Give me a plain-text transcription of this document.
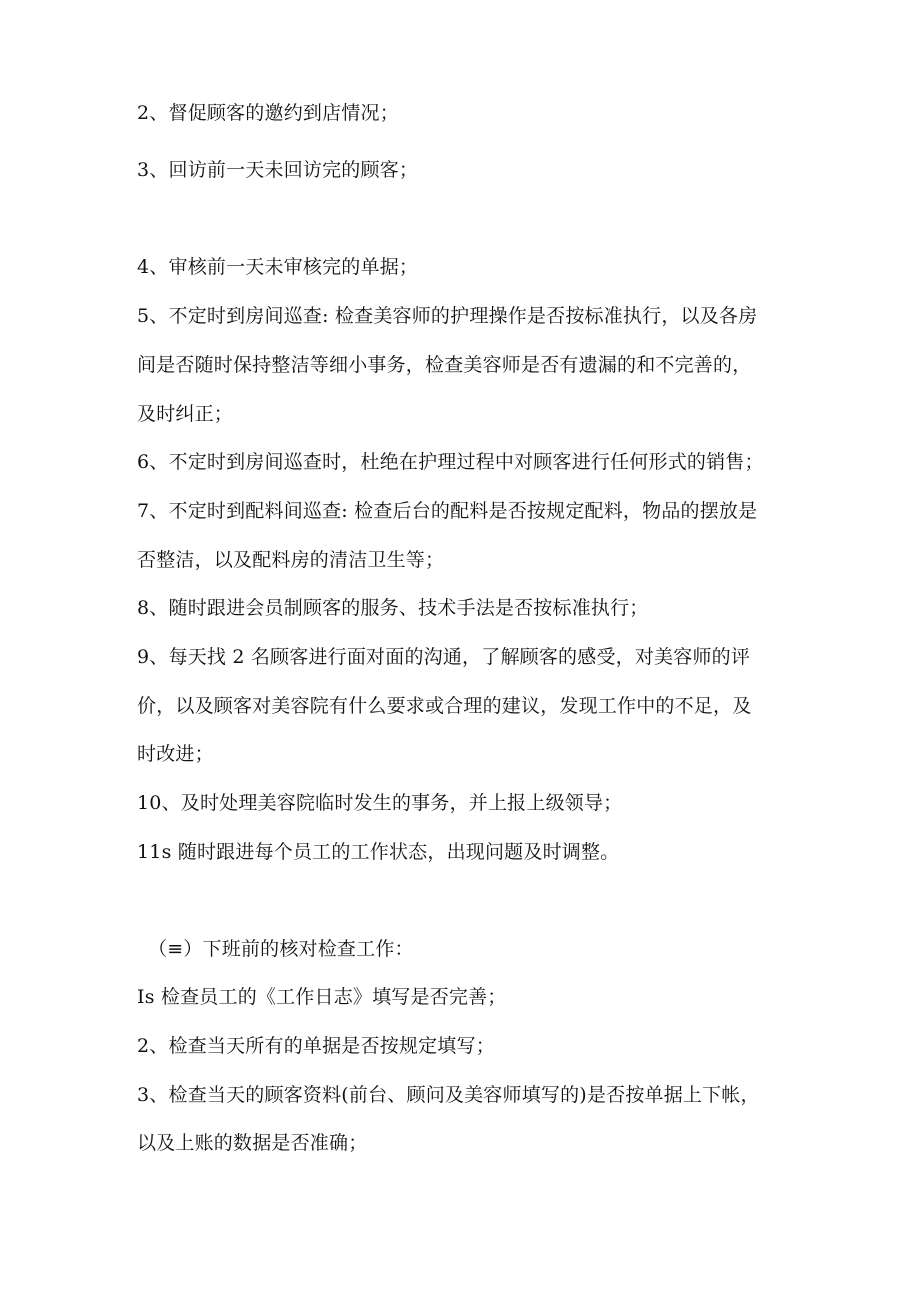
2、督促顾客的邀约到店情况；
3、回访前一天未回访完的顾客；
4、审核前一天未审核完的单据；
5、不定时到房间巡查: 检查美容师的护理操作是否按标准执行，以及各房
间是否随时保持整洁等细小事务，检查美容师是否有遗漏的和不完善的，
及时纠正；
6、不定时到房间巡查时，杜绝在护理过程中对顾客进行任何形式的销售；
7、不定时到配料间巡查: 检查后台的配料是否按规定配料，物品的摆放是
否整洁，以及配料房的清洁卫生等；
8、随时跟进会员制顾客的服务、技术手法是否按标准执行；
9、每天找 2 名顾客进行面对面的沟通，了解顾客的感受，对美容师的评
价，以及顾客对美容院有什么要求或合理的建议，发现工作中的不足，及
时改进；
10、及时处理美容院临时发生的事务，并上报上级领导；
11s 随时跟进每个员工的工作状态，出现问题及时调整。
（≡）下班前的核对检查工作：
Is 检查员工的《工作日志》填写是否完善；
2、检查当天所有的单据是否按规定填写；
3、检查当天的顾客资料(前台、顾问及美容师填写的)是否按单据上下帐，
以及上账的数据是否准确；
